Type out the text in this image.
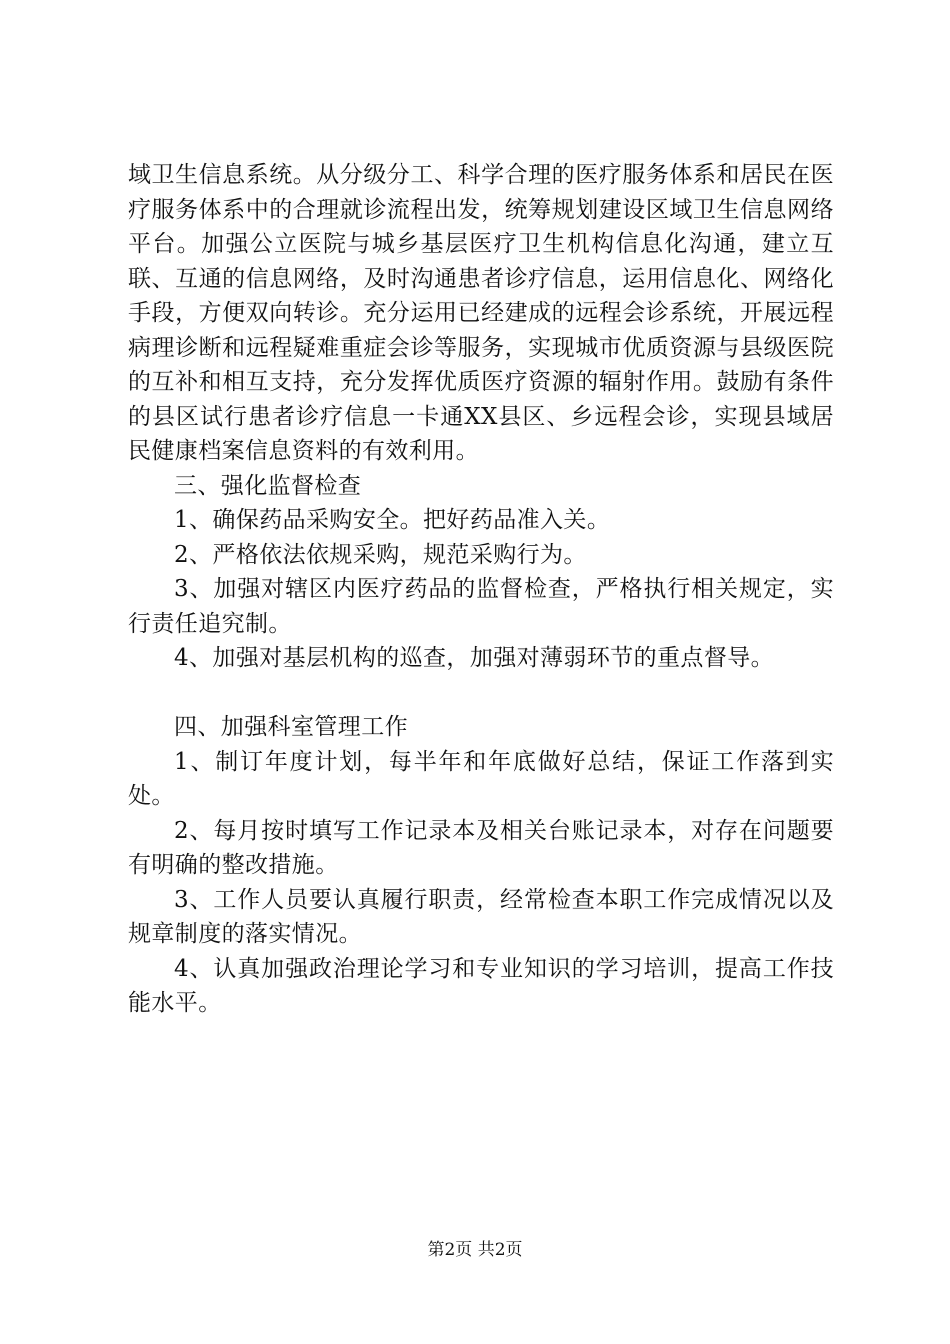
域卫生信息系统。从分级分工、科学合理的医疗服务体系和居民在医疗服务体系中的合理就诊流程出发，统筹规划建设区域卫生信息网络平台。加强公立医院与城乡基层医疗卫生机构信息化沟通，建立互联、互通的信息网络，及时沟通患者诊疗信息，运用信息化、网络化手段，方便双向转诊。充分运用已经建成的远程会诊系统，开展远程病理诊断和远程疑难重症会诊等服务，实现城市优质资源与县级医院的互补和相互支持，充分发挥优质医疗资源的辐射作用。鼓励有条件的县区试行患者诊疗信息一卡通XX县区、乡远程会诊，实现县域居民健康档案信息资料的有效利用。

三、强化监督检查

1、确保药品采购安全。把好药品准入关。

2、严格依法依规采购，规范采购行为。

3、加强对辖区内医疗药品的监督检查，严格执行相关规定，实行责任追究制。

4、加强对基层机构的巡查，加强对薄弱环节的重点督导。

四、加强科室管理工作

1、制订年度计划，每半年和年底做好总结，保证工作落到实处。

2、每月按时填写工作记录本及相关台账记录本，对存在问题要有明确的整改措施。

3、工作人员要认真履行职责，经常检查本职工作完成情况以及规章制度的落实情况。

4、认真加强政治理论学习和专业知识的学习培训，提高工作技能水平。

第2页 共2页
